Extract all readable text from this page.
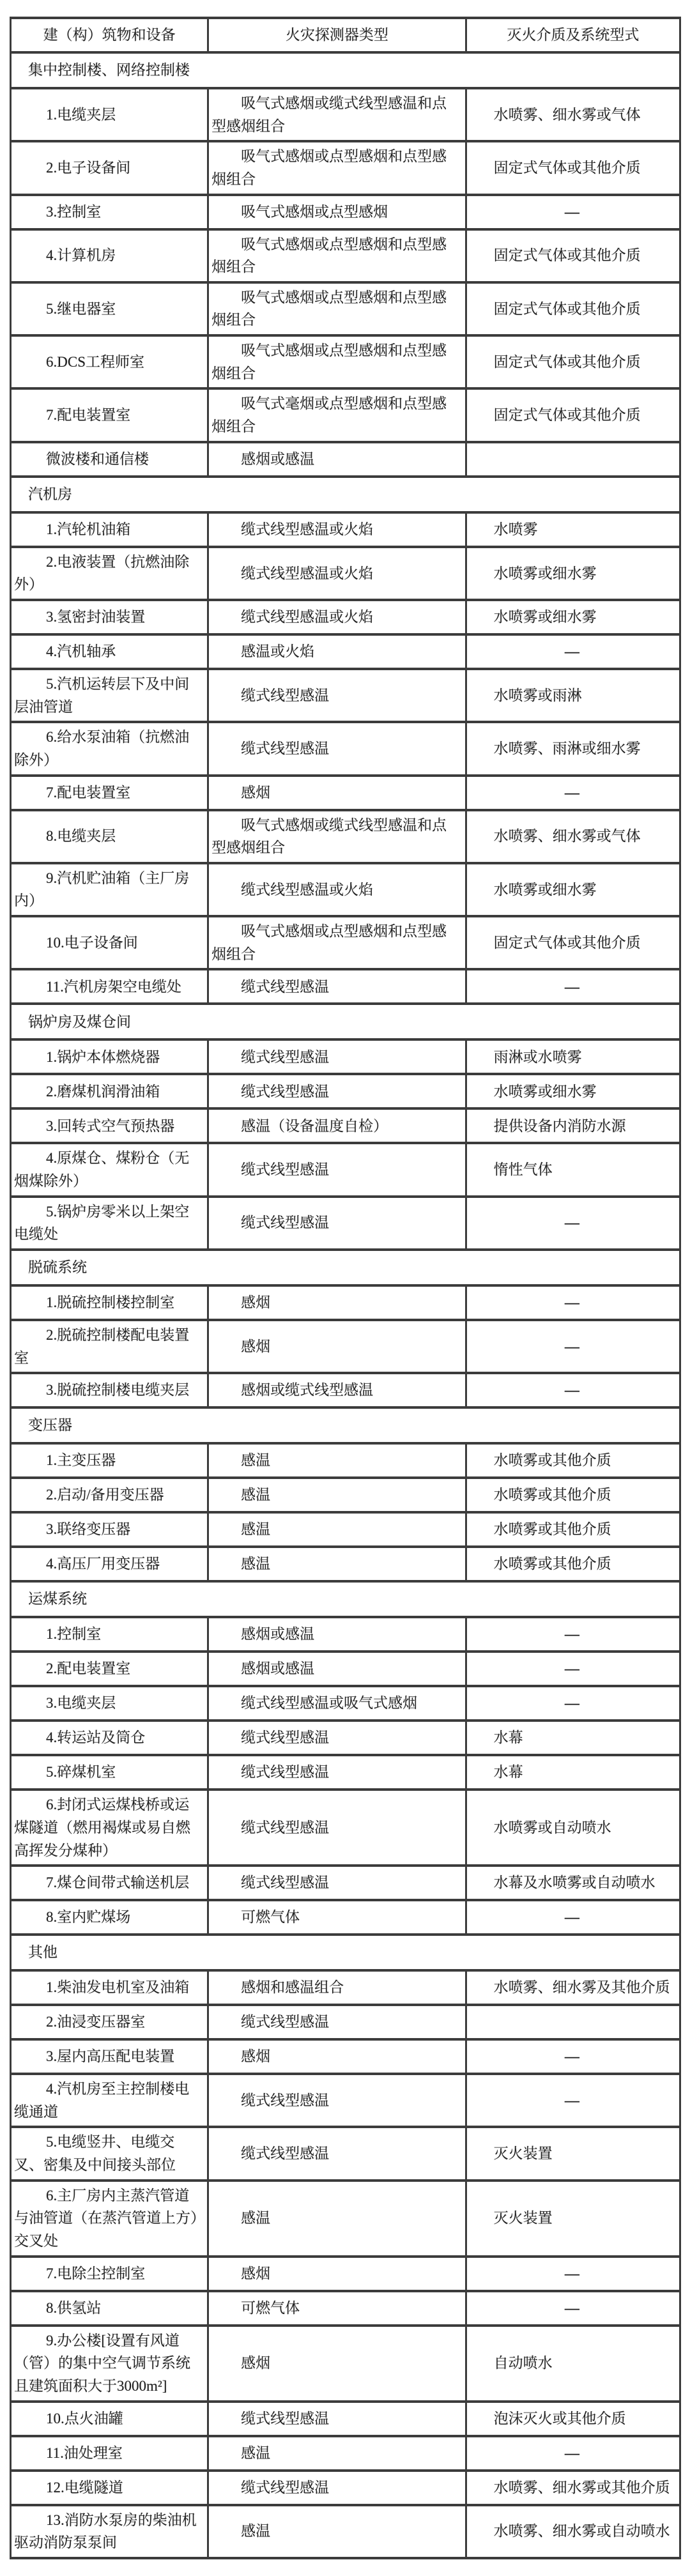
建（构）筑物和设备	火灾探测器类型	灭火介质及系统型式
集中控制楼、网络控制楼		
1.电缆夹层	吸气式感烟或缆式线型感温和点型感烟组合	水喷雾、细水雾或气体
2.电子设备间	吸气式感烟或点型感烟和点型感烟组合	固定式气体或其他介质
3.控制室	吸气式感烟或点型感烟	—
4.计算机房	吸气式感烟或点型感烟和点型感烟组合	固定式气体或其他介质
5.继电器室	吸气式感烟或点型感烟和点型感烟组合	固定式气体或其他介质
6.DCS工程师室	吸气式感烟或点型感烟和点型感烟组合	固定式气体或其他介质
7.配电装置室	吸气式毫烟或点型感烟和点型感烟组合	固定式气体或其他介质
微波楼和通信楼	感烟或感温	
汽机房		
1.汽轮机油箱	缆式线型感温或火焰	水喷雾
2.电液装置（抗燃油除外）	缆式线型感温或火焰	水喷雾或细水雾
3.氢密封油装置	缆式线型感温或火焰	水喷雾或细水雾
4.汽机轴承	感温或火焰	—
5.汽机运转层下及中间层油管道	缆式线型感温	水喷雾或雨淋
6.给水泵油箱（抗燃油除外）	缆式线型感温	水喷雾、雨淋或细水雾
7.配电装置室	感烟	—
8.电缆夹层	吸气式感烟或缆式线型感温和点型感烟组合	水喷雾、细水雾或气体
9.汽机贮油箱（主厂房内）	缆式线型感温或火焰	水喷雾或细水雾
10.电子设备间	吸气式感烟或点型感烟和点型感烟组合	固定式气体或其他介质
11.汽机房架空电缆处	缆式线型感温	—
锅炉房及煤仓间		
1.锅炉本体燃烧器	缆式线型感温	雨淋或水喷雾
2.磨煤机润滑油箱	缆式线型感温	水喷雾或细水雾
3.回转式空气预热器	感温（设备温度自检）	提供设备内消防水源
4.原煤仓、煤粉仓（无烟煤除外）	缆式线型感温	惰性气体
5.锅炉房零米以上架空电缆处	缆式线型感温	—
脱硫系统		
1.脱硫控制楼控制室	感烟	—
2.脱硫控制楼配电装置室	感烟	—
3.脱硫控制楼电缆夹层	感烟或缆式线型感温	—
变压器		
1.主变压器	感温	水喷雾或其他介质
2.启动/备用变压器	感温	水喷雾或其他介质
3.联络变压器	感温	水喷雾或其他介质
4.高压厂用变压器	感温	水喷雾或其他介质
运煤系统		
1.控制室	感烟或感温	—
2.配电装置室	感烟或感温	—
3.电缆夹层	缆式线型感温或吸气式感烟	—
4.转运站及筒仓	缆式线型感温	水幕
5.碎煤机室	缆式线型感温	水幕
6.封闭式运煤栈桥或运煤隧道（燃用褐煤或易自燃高挥发分煤种）	缆式线型感温	水喷雾或自动喷水
7.煤仓间带式输送机层	缆式线型感温	水幕及水喷雾或自动喷水
8.室内贮煤场	可燃气体	—
其他		
1.柴油发电机室及油箱	感烟和感温组合	水喷雾、细水雾及其他介质
2.油浸变压器室	缆式线型感温	
3.屋内高压配电装置	感烟	—
4.汽机房至主控制楼电缆通道	缆式线型感温	—
5.电缆竖井、电缆交叉、密集及中间接头部位	缆式线型感温	灭火装置
6.主厂房内主蒸汽管道与油管道（在蒸汽管道上方）交叉处	感温	灭火装置
7.电除尘控制室	感烟	—
8.供氢站	可燃气体	—
9.办公楼[设置有风道（管）的集中空气调节系统且建筑面积大于3000m²]	感烟	自动喷水
10.点火油罐	缆式线型感温	泡沫灭火或其他介质
11.油处理室	感温	—
12.电缆隧道	缆式线型感温	水喷雾、细水雾或其他介质
13.消防水泵房的柴油机驱动消防泵泵间	感温	水喷雾、细水雾或自动喷水
